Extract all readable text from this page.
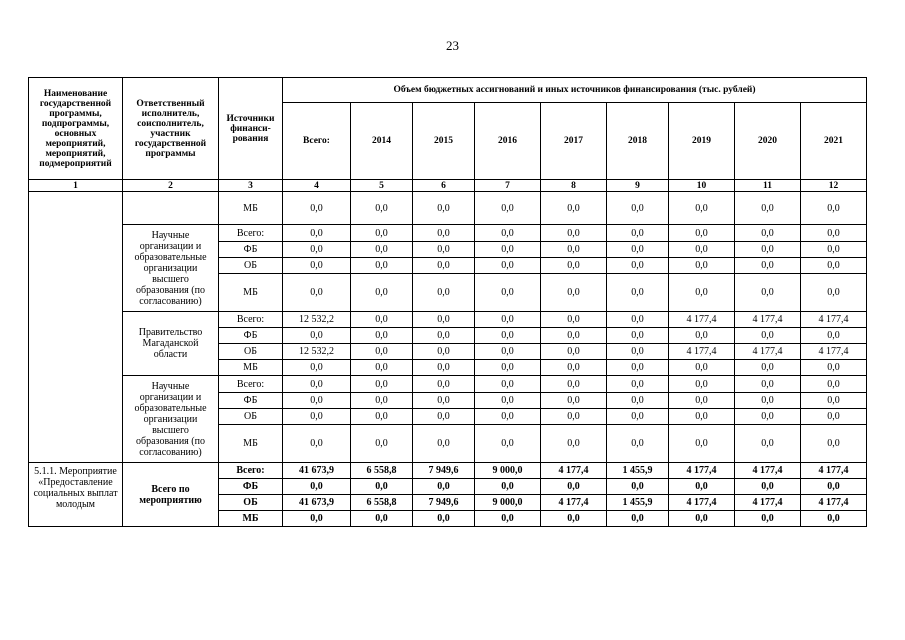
23
Наименование государственной программы, подпрограммы, основных мероприятий, мероприятий, подмероприятий	Ответственный исполнитель, соисполнитель, участник государственной программы	Источники финанси-рования	Объем бюджетных ассигнований и иных источников финансирования (тыс. рублей)								
			Всего:	2014	2015	2016	2017	2018	2019	2020	2021
1	2	3	4	5	6	7	8	9	10	11	12
		МБ	0,0	0,0	0,0	0,0	0,0	0,0	0,0	0,0	0,0
	Научные организации и образовательные организации высшего образования (по согласованию)	Всего:	0,0	0,0	0,0	0,0	0,0	0,0	0,0	0,0	0,0
		ФБ	0,0	0,0	0,0	0,0	0,0	0,0	0,0	0,0	0,0
		ОБ	0,0	0,0	0,0	0,0	0,0	0,0	0,0	0,0	0,0
		МБ	0,0	0,0	0,0	0,0	0,0	0,0	0,0	0,0	0,0
	Правительство Магаданской области	Всего:	12 532,2	0,0	0,0	0,0	0,0	0,0	4 177,4	4 177,4	4 177,4
		ФБ	0,0	0,0	0,0	0,0	0,0	0,0	0,0	0,0	0,0
		ОБ	12 532,2	0,0	0,0	0,0	0,0	0,0	4 177,4	4 177,4	4 177,4
		МБ	0,0	0,0	0,0	0,0	0,0	0,0	0,0	0,0	0,0
	Научные организации и образовательные организации высшего образования (по согласованию)	Всего:	0,0	0,0	0,0	0,0	0,0	0,0	0,0	0,0	0,0
		ФБ	0,0	0,0	0,0	0,0	0,0	0,0	0,0	0,0	0,0
		ОБ	0,0	0,0	0,0	0,0	0,0	0,0	0,0	0,0	0,0
		МБ	0,0	0,0	0,0	0,0	0,0	0,0	0,0	0,0	0,0
5.1.1. Мероприятие «Предоставление социальных выплат молодым	Всего по мероприятию	Всего:	41 673,9	6 558,8	7 949,6	9 000,0	4 177,4	1 455,9	4 177,4	4 177,4	4 177,4
		ФБ	0,0	0,0	0,0	0,0	0,0	0,0	0,0	0,0	0,0
		ОБ	41 673,9	6 558,8	7 949,6	9 000,0	4 177,4	1 455,9	4 177,4	4 177,4	4 177,4
		МБ	0,0	0,0	0,0	0,0	0,0	0,0	0,0	0,0	0,0
